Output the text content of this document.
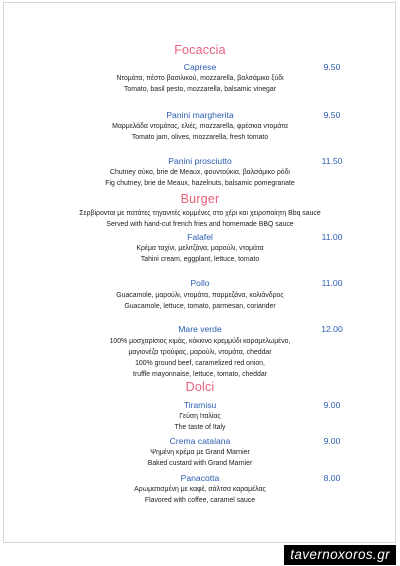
Focaccia
Caprese	9.50
Ντομάτα, πέστο βασιλικού, mozzarella, βαλσάμικο ξύδι
Tomato, basil pesto, mozzarella, balsamic vinegar
Panini margherita	9.50
Μαρμελάδα ντομάτας, ελιές, mozzarella, φρέσκια ντομάτα
Tomato jam, olives, mozzarella, fresh tomato
Panini prosciutto	11.50
Chutney σύκο, brie de Meaux, φουντούκια, βαλσάμικο ρόδι
Fig chutney, brie de Meaux, hazelnuts, balsamic pomegranate
Burger
Σερβίρονται με πατάτες τηγανιτές κομμένες στο χέρι και χειροποίητη Bbq sauce
Served with hand-cut french fries and homemade BBQ sauce
Falafel	11.00
Κρέμα ταχίνι, μελιτζάνα, μαρούλι, ντομάτα
Tahini cream, eggplant, lettuce, tomato
Pollo	11.00
Guacamole, μαρούλι, ντομάτα, παρμεζάνα, κολιάνδρος
Guacamole, lettuce, tomato, parmesan, coriander
Mare verde	12.00
100% μοσχαρίσιος κιμάς, κόκκινο κρεμμύδι καραμελωμένο,
μαγιονέζα τρούφας, μαρούλι, ντομάτα, cheddar
100% ground beef, caramelized red onion,
truffle mayonnaise, lettuce, tomato, cheddar
Dolci
Tiramisu	9.00
Γεύση Ιταλίας
The taste of Italy
Crema catalana	9.00
Ψημένη κρέμα με Grand Marnier
Baked custard with Grand Marnier
Panacotta	8.00
Αρωματισμένη με καφέ, σάλτσα καραμέλας
Flavored with coffee, caramel sauce
tavernoxoros.gr
